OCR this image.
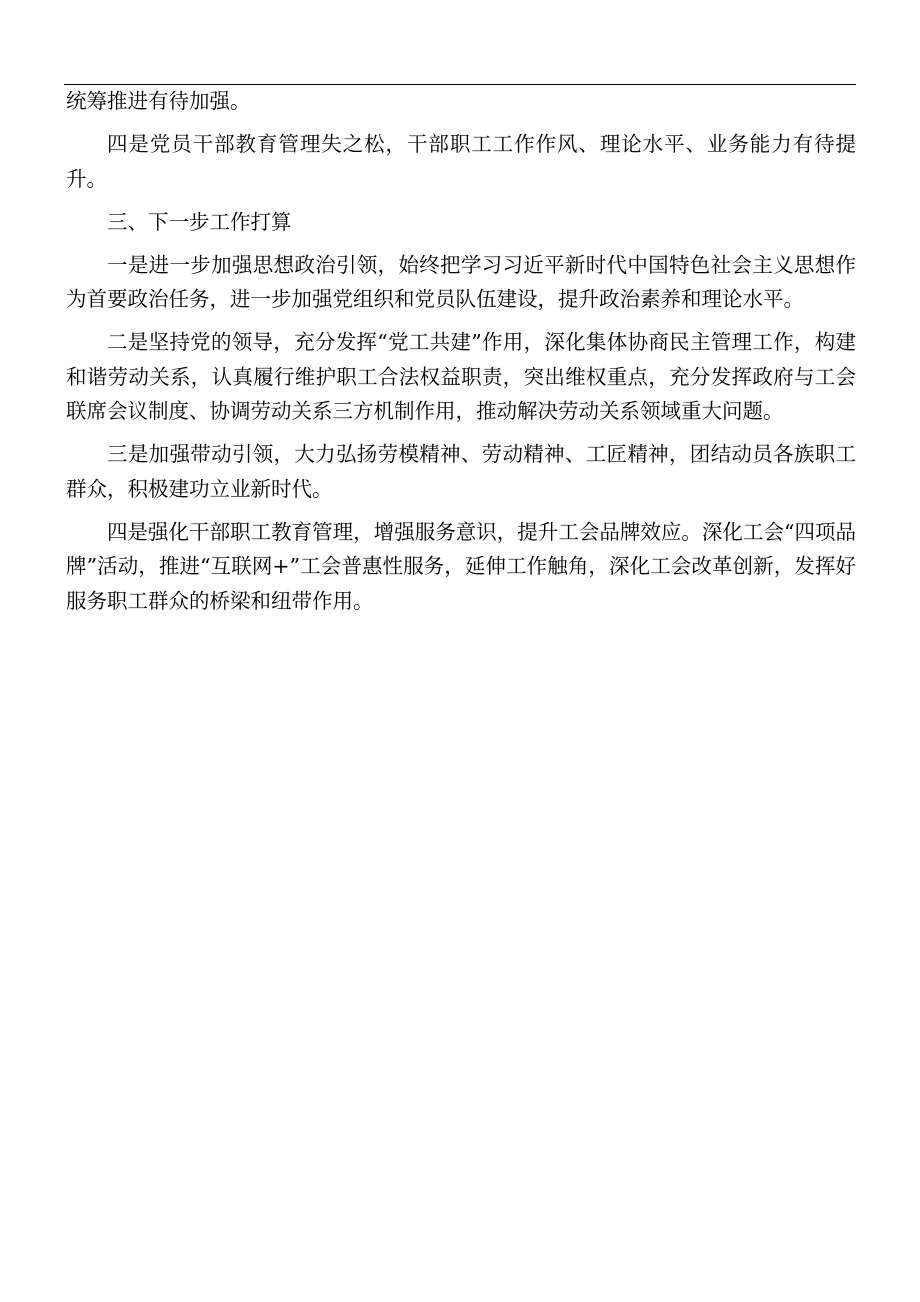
统筹推进有待加强。

四是党员干部教育管理失之松，干部职工工作作风、理论水平、业务能力有待提升。

三、下一步工作打算

一是进一步加强思想政治引领，始终把学习习近平新时代中国特色社会主义思想作为首要政治任务，进一步加强党组织和党员队伍建设，提升政治素养和理论水平。

二是坚持党的领导，充分发挥“党工共建”作用，深化集体协商民主管理工作，构建和谐劳动关系，认真履行维护职工合法权益职责，突出维权重点，充分发挥政府与工会联席会议制度、协调劳动关系三方机制作用，推动解决劳动关系领域重大问题。

三是加强带动引领，大力弘扬劳模精神、劳动精神、工匠精神，团结动员各族职工群众，积极建功立业新时代。

四是强化干部职工教育管理，增强服务意识，提升工会品牌效应。深化工会“四项品牌”活动，推进“互联网+”工会普惠性服务，延伸工作触角，深化工会改革创新，发挥好服务职工群众的桥梁和纽带作用。
